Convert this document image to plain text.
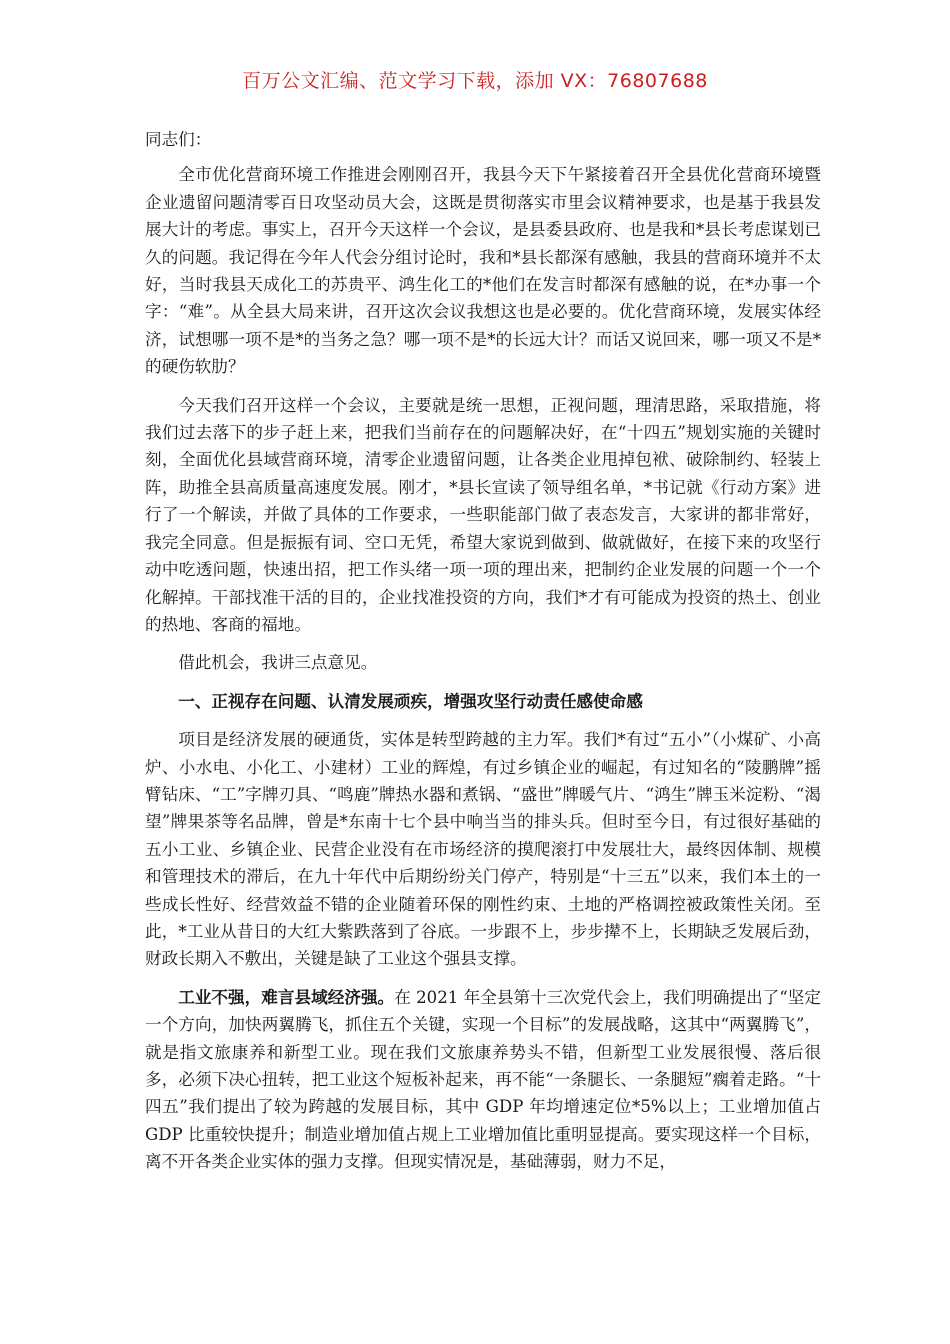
百万公文汇编、范文学习下载，添加 VX：76807688

同志们：

全市优化营商环境工作推进会刚刚召开，我县今天下午紧接着召开全县优化营商环境暨企业遗留问题清零百日攻坚动员大会，这既是贯彻落实市里会议精神要求，也是基于我县发展大计的考虑。事实上，召开今天这样一个会议，是县委县政府、也是我和*县长考虑谋划已久的问题。我记得在今年人代会分组讨论时，我和*县长都深有感触，我县的营商环境并不太好，当时我县天成化工的苏贵平、鸿生化工的*他们在发言时都深有感触的说，在*办事一个字：“难”。从全县大局来讲，召开这次会议我想这也是必要的。优化营商环境，发展实体经济，试想哪一项不是*的当务之急？哪一项不是*的长远大计？而话又说回来，哪一项又不是*的硬伤软肋？

今天我们召开这样一个会议，主要就是统一思想，正视问题，理清思路，采取措施，将我们过去落下的步子赶上来，把我们当前存在的问题解决好，在“十四五”规划实施的关键时刻，全面优化县域营商环境，清零企业遗留问题，让各类企业甩掉包袱、破除制约、轻装上阵，助推全县高质量高速度发展。刚才，*县长宣读了领导组名单，*书记就《行动方案》进行了一个解读，并做了具体的工作要求，一些职能部门做了表态发言，大家讲的都非常好，我完全同意。但是振振有词、空口无凭，希望大家说到做到、做就做好，在接下来的攻坚行动中吃透问题，快速出招，把工作头绪一项一项的理出来，把制约企业发展的问题一个一个化解掉。干部找准干活的目的，企业找准投资的方向，我们*才有可能成为投资的热土、创业的热地、客商的福地。

借此机会，我讲三点意见。

一、正视存在问题、认清发展顽疾，增强攻坚行动责任感使命感

项目是经济发展的硬通货，实体是转型跨越的主力军。我们*有过“五小”（小煤矿、小高炉、小水电、小化工、小建材）工业的辉煌，有过乡镇企业的崛起，有过知名的“陵鹏牌”摇臂钻床、“工”字牌刃具、“鸣鹿”牌热水器和煮锅、“盛世”牌暖气片、“鸿生”牌玉米淀粉、“渴望”牌果茶等名品牌，曾是*东南十七个县中响当当的排头兵。但时至今日，有过很好基础的五小工业、乡镇企业、民营企业没有在市场经济的摸爬滚打中发展壮大，最终因体制、规模和管理技术的滞后，在九十年代中后期纷纷关门停产，特别是“十三五”以来，我们本土的一些成长性好、经营效益不错的企业随着环保的刚性约束、土地的严格调控被政策性关闭。至此，*工业从昔日的大红大紫跌落到了谷底。一步跟不上，步步撵不上，长期缺乏发展后劲，财政长期入不敷出，关键是缺了工业这个强县支撑。

工业不强，难言县域经济强。在 2021 年全县第十三次党代会上，我们明确提出了“坚定一个方向，加快两翼腾飞，抓住五个关键，实现一个目标”的发展战略，这其中“两翼腾飞”，就是指文旅康养和新型工业。现在我们文旅康养势头不错，但新型工业发展很慢、落后很多，必须下决心扭转，把工业这个短板补起来，再不能“一条腿长、一条腿短”瘸着走路。“十四五”我们提出了较为跨越的发展目标，其中 GDP 年均增速定位*5%以上；工业增加值占 GDP 比重较快提升；制造业增加值占规上工业增加值比重明显提高。要实现这样一个目标，离不开各类企业实体的强力支撑。但现实情况是，基础薄弱，财力不足，
